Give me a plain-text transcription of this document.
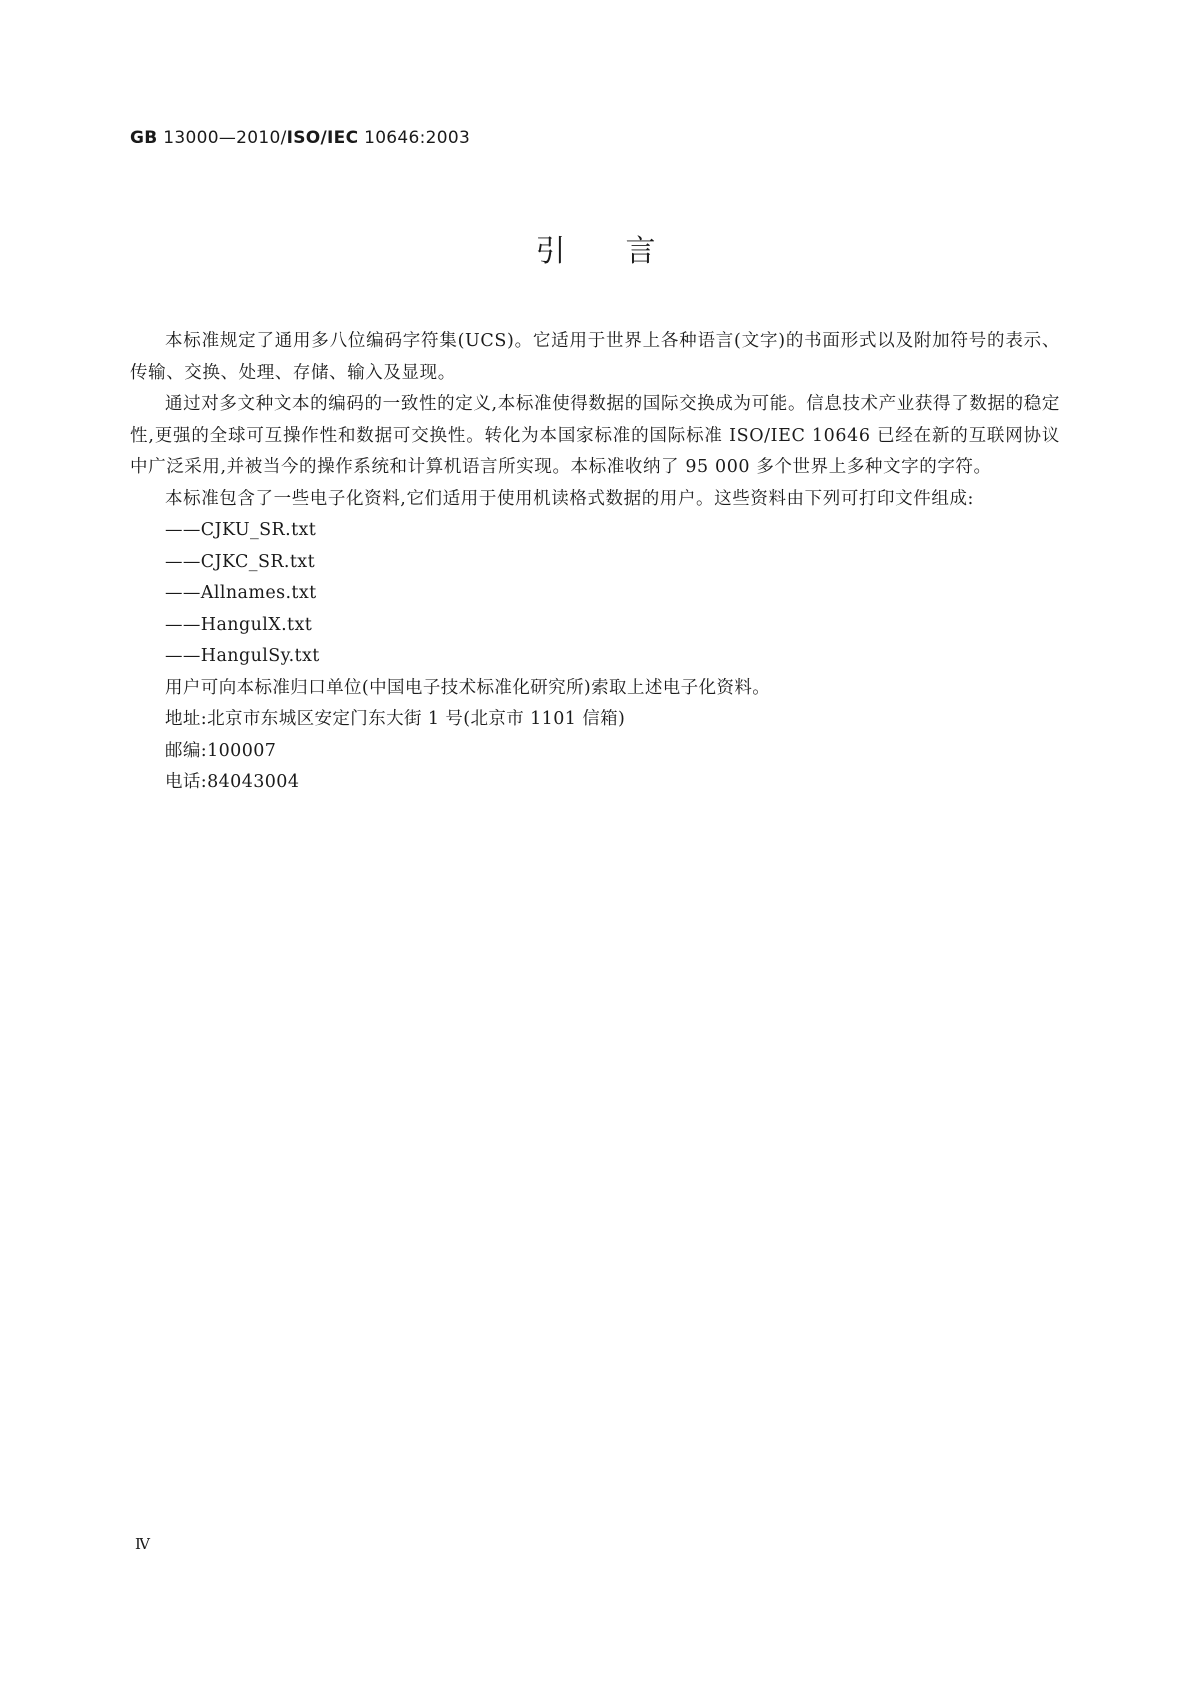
GB 13000—2010/ISO/IEC 10646:2003
引言

本标准规定了通用多八位编码字符集(UCS)。它适用于世界上各种语言(文字)的书面形式以及附加符号的表示、传输、交换、处理、存储、输入及显现。

通过对多文种文本的编码的一致性的定义,本标准使得数据的国际交换成为可能。信息技术产业获得了数据的稳定性,更强的全球可互操作性和数据可交换性。转化为本国家标准的国际标准 ISO/IEC 10646 已经在新的互联网协议中广泛采用,并被当今的操作系统和计算机语言所实现。本标准收纳了 95 000 多个世界上多种文字的字符。

本标准包含了一些电子化资料,它们适用于使用机读格式数据的用户。这些资料由下列可打印文件组成:

——CJKU_SR.txt

——CJKC_SR.txt

——Allnames.txt

——HangulX.txt

——HangulSy.txt

用户可向本标准归口单位(中国电子技术标准化研究所)索取上述电子化资料。

地址:北京市东城区安定门东大街 1 号(北京市 1101 信箱)

邮编:100007

电话:84043004

Ⅳ
